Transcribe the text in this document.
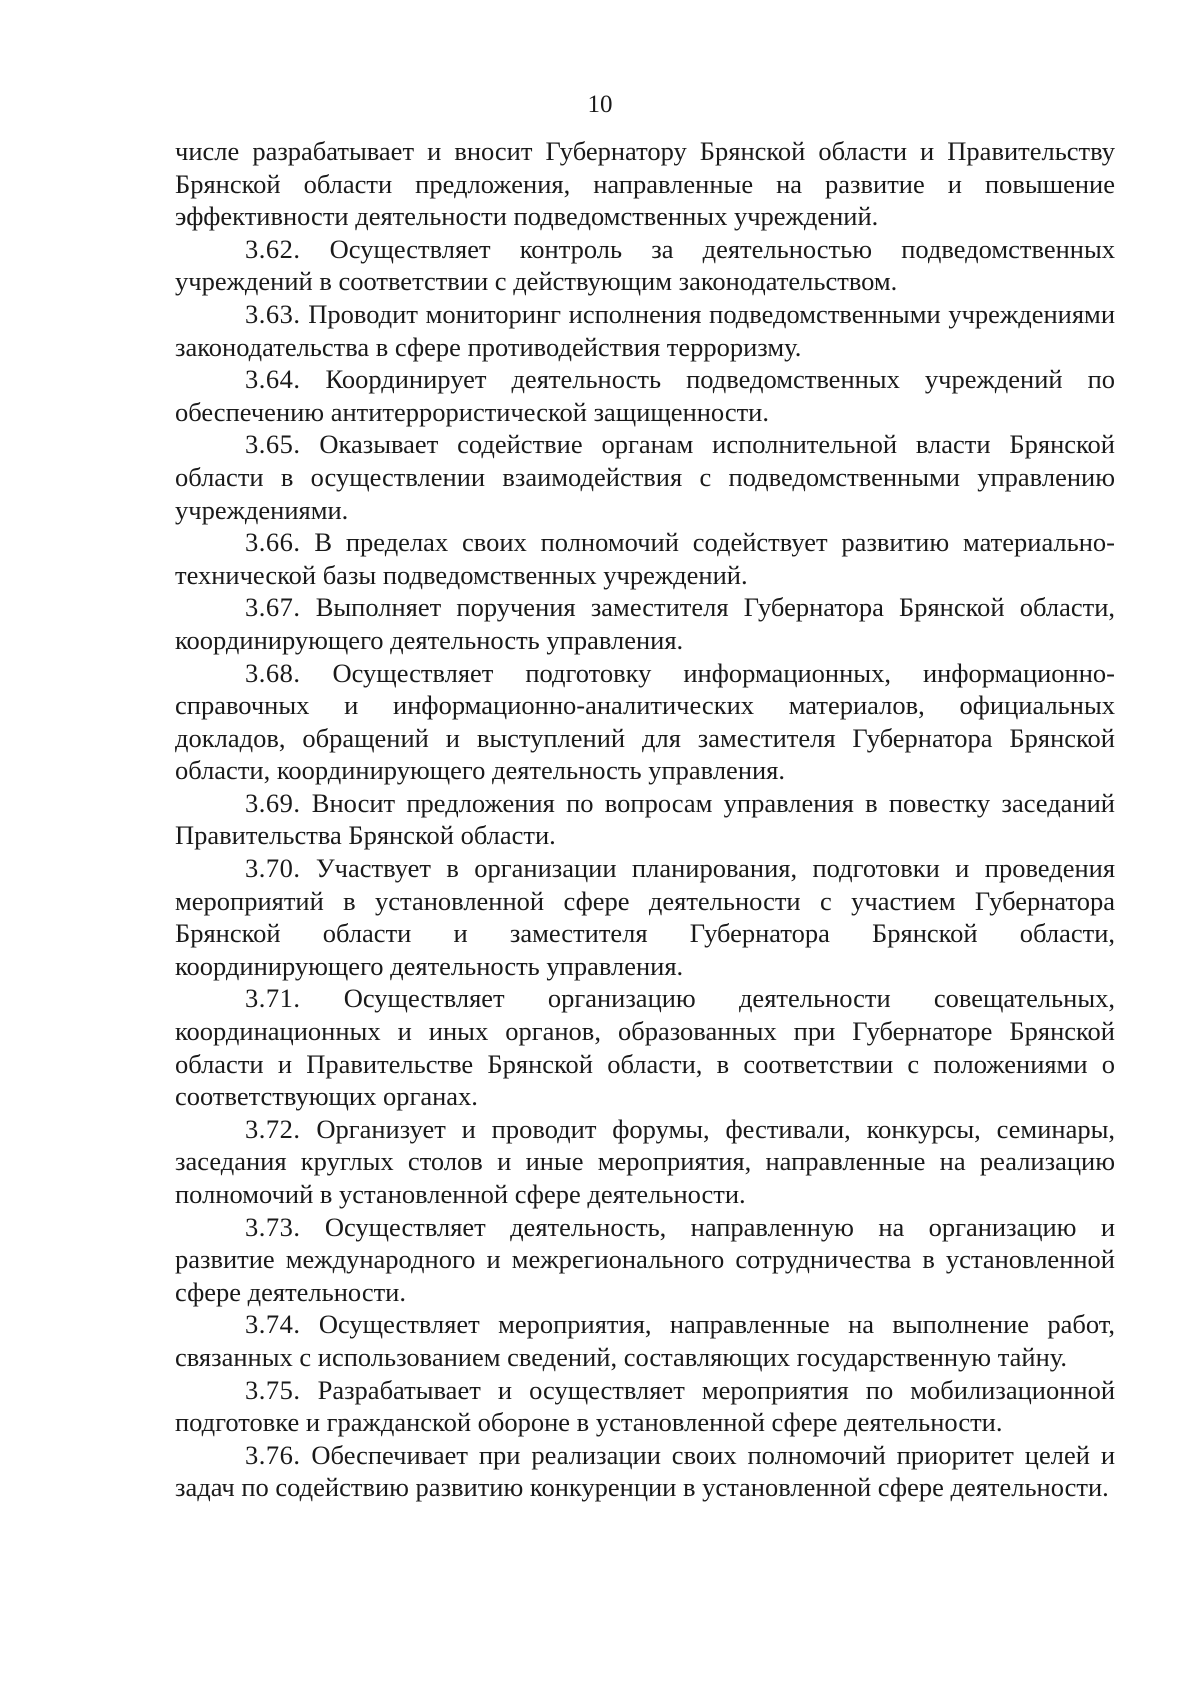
10

числе разрабатывает и вносит Губернатору Брянской области и Правительству Брянской области предложения, направленные на развитие и повышение эффективности деятельности подведомственных учреждений.

3.62. Осуществляет контроль за деятельностью подведомственных учреждений в соответствии с действующим законодательством.

3.63. Проводит мониторинг исполнения подведомственными учреждениями законодательства в сфере противодействия терроризму.

3.64. Координирует деятельность подведомственных учреждений по обеспечению антитеррористической защищенности.

3.65. Оказывает содействие органам исполнительной власти Брянской области в осуществлении взаимодействия с подведомственными управлению учреждениями.

3.66. В пределах своих полномочий содействует развитию материально-технической базы подведомственных учреждений.

3.67. Выполняет поручения заместителя Губернатора Брянской области, координирующего деятельность управления.

3.68. Осуществляет подготовку информационных, информационно-справочных и информационно-аналитических материалов, официальных докладов, обращений и выступлений для заместителя Губернатора Брянской области, координирующего деятельность управления.

3.69. Вносит предложения по вопросам управления в повестку заседаний Правительства Брянской области.

3.70. Участвует в организации планирования, подготовки и проведения мероприятий в установленной сфере деятельности с участием Губернатора Брянской области и заместителя Губернатора Брянской области, координирующего деятельность управления.

3.71. Осуществляет организацию деятельности совещательных, координационных и иных органов, образованных при Губернаторе Брянской области и Правительстве Брянской области, в соответствии с положениями о соответствующих органах.

3.72. Организует и проводит форумы, фестивали, конкурсы, семинары, заседания круглых столов и иные мероприятия, направленные на реализацию полномочий в установленной сфере деятельности.

3.73. Осуществляет деятельность, направленную на организацию и развитие международного и межрегионального сотрудничества в установленной сфере деятельности.

3.74. Осуществляет мероприятия, направленные на выполнение работ, связанных с использованием сведений, составляющих государственную тайну.

3.75. Разрабатывает и осуществляет мероприятия по мобилизационной подготовке и гражданской обороне в установленной сфере деятельности.

3.76. Обеспечивает при реализации своих полномочий приоритет целей и задач по содействию развитию конкуренции в установленной сфере деятельности.
